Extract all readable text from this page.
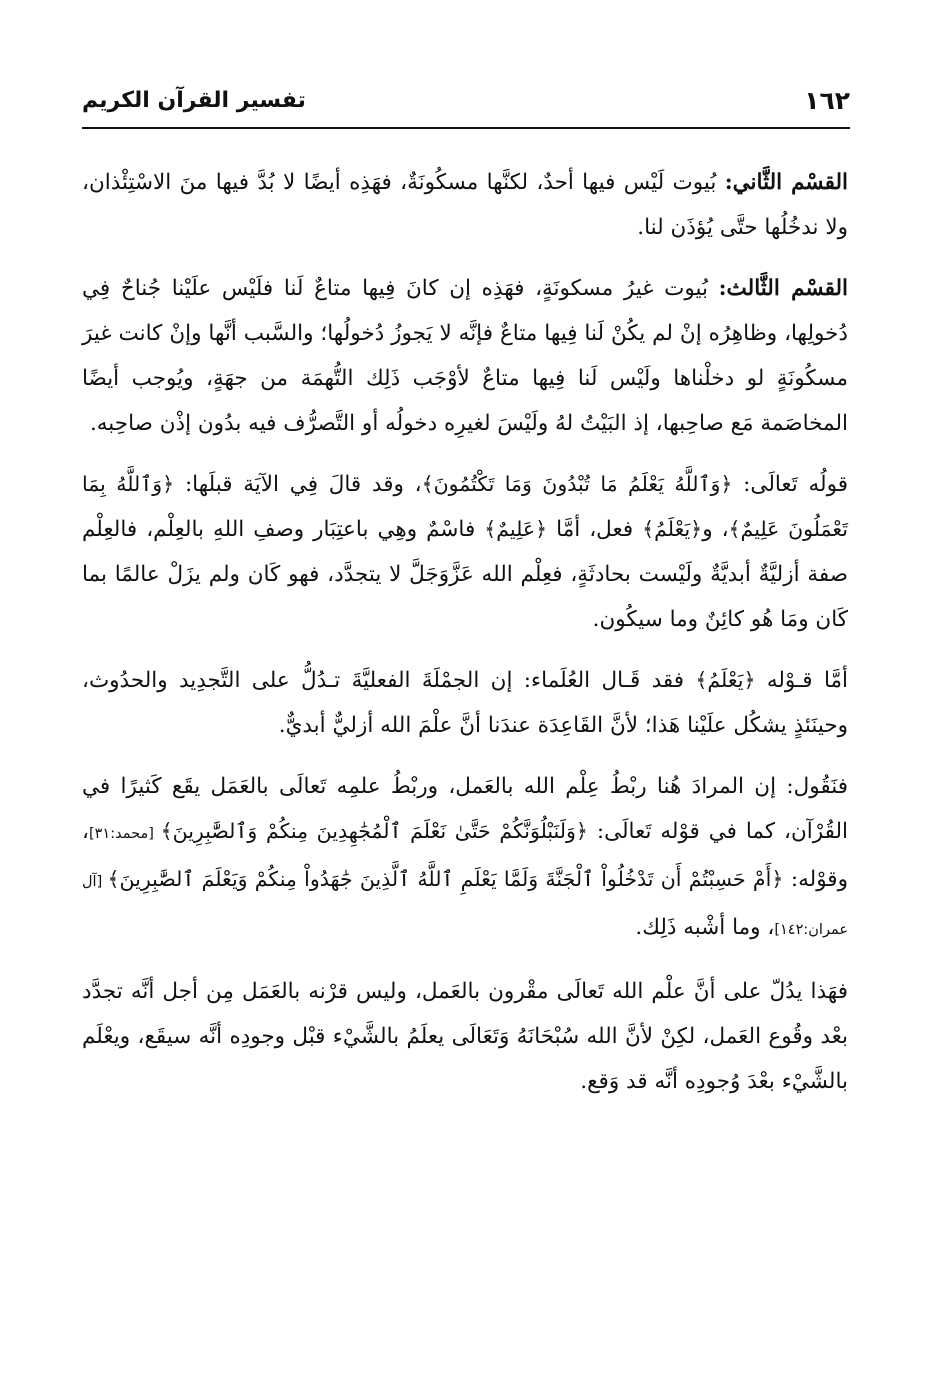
١٦٢
تفسير القرآن الكريم

القسْم الثَّاني: بُيوت لَيْس فيها أحدٌ، لكنَّها مسكُونَةٌ، فهَذِه أيضًا لا بُدَّ فيها منَ الاسْتِئْذان، ولا ندخُلُها حتَّى يُؤذَن لنا.

القسْم الثَّالث: بُيوت غيرُ مسكونَةٍ، فهَذِه إن كانَ فِيها متاعٌ لَنا فلَيْس علَيْنا جُناحٌ فِي دُخولِها، وظاهِرُه إنْ لم يكُنْ لَنا فِيها متاعٌ فإنَّه لا يَجوزُ دُخولُها؛ والسَّبب أنَّها وإنْ كانت غيرَ مسكُونَةٍ لو دخلْناها ولَيْس لَنا فِيها متاعٌ لأوْجَب ذَلِك التُّهمَة من جهَةٍ، ويُوجب أيضًا المخاصَمة مَع صاحِبها، إذ البَيْتُ لهُ ولَيْسَ لغيرِه دخولُه أو التَّصرُّف فيه بدُون إذْن صاحِبه.

قولُه تَعالَى: ﴿وَٱللَّهُ يَعْلَمُ مَا تُبْدُونَ وَمَا تَكْتُمُونَ﴾، وقد قالَ فِي الآيَة قبلَها: ﴿وَٱللَّهُ بِمَا تَعْمَلُونَ عَلِيمٌ﴾، و﴿يَعْلَمُ﴾ فعل، أمَّا ﴿عَلِيمٌ﴾ فاسْمٌ وهِي باعتِبَار وصفِ اللهِ بالعِلْم، فالعِلْم صفة أزليَّةٌ أبديَّةٌ ولَيْست بحادثَةٍ، فعِلْم الله عَزَّوَجَلَّ لا يتجدَّد، فهو كَان ولم يزَلْ عالمًا بما كَان ومَا هُو كائِنٌ وما سيكُون.

أمَّا قـوْله ﴿يَعْلَمُ﴾ فقد قَـال العُلَماء: إن الجمْلَةَ الفعليَّةَ تـدُلُّ على التَّجدِيد والحدُوث، وحينَئذٍ يشكُل علَيْنا هَذا؛ لأنَّ القَاعِدَة عندَنا أنَّ علْمَ الله أزليٌّ أبديٌّ.

فنَقُول: إن المرادَ هُنا ربْطُ عِلْم الله بالعَمل، وربْطُ علمِه تَعالَى بالعَمَل يقَع كَثيرًا في القُرْآن، كما في قوْله تَعالَى: ﴿وَلَنَبْلُوَنَّكُمْ حَتَّىٰ نَعْلَمَ ٱلْمُجَٰهِدِينَ مِنكُمْ وَٱلصَّٰبِرِينَ﴾ [محمد:٣١]، وقوْله: ﴿أَمْ حَسِبْتُمْ أَن تَدْخُلُواْ ٱلْجَنَّةَ وَلَمَّا يَعْلَمِ ٱللَّهُ ٱلَّذِينَ جَٰهَدُواْ مِنكُمْ وَيَعْلَمَ ٱلصَّٰبِرِينَ﴾ [آل عمران:١٤٢]، وما أشْبه ذَلِك.

فهَذا يدُلّ على أنَّ علْم الله تَعالَى مقْرون بالعَمل، وليس قرْنه بالعَمَل مِن أجل أنَّه تجدَّد بعْد وقُوع العَمل، لكِنْ لأنَّ الله سُبْحَانَهُ وَتَعَالَى يعلَمُ بالشَّيْء قبْل وجودِه أنَّه سيقَع، ويعْلَم بالشَّيْء بعْدَ وُجودِه أنَّه قد وَقع.
